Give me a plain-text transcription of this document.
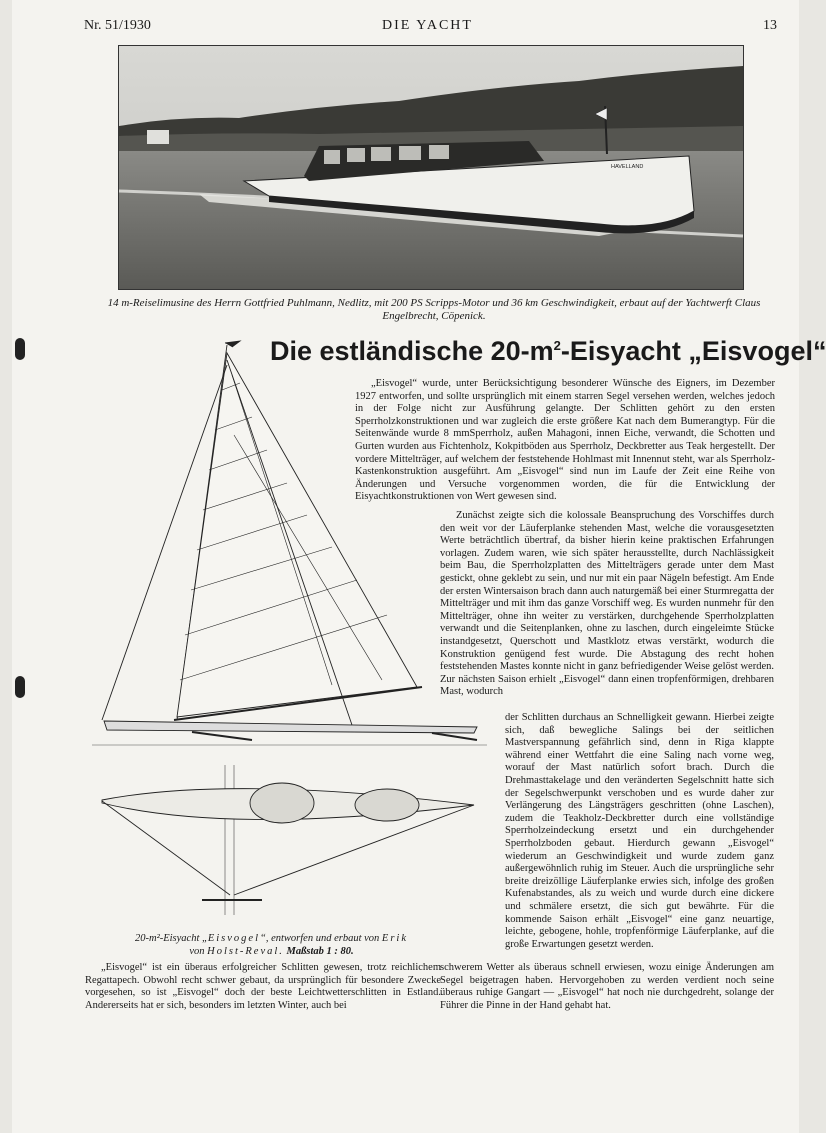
Nr. 51/1930	DIE YACHT	13
HAVELLAND
14 m-Reiselimusine des Herrn Gottfried Puhlmann, Nedlitz, mit 200 PS Scripps-Motor und 36 km Geschwindigkeit, erbaut auf der Yachtwerft Claus Engelbrecht, Cöpenick.
Die estländische $20-m^2$-Eisyacht „Eisvogel“

„Eisvogel“ wurde, unter Berücksichtigung besonderer Wünsche des Eigners, im Dezember 1927 entworfen, und sollte ursprünglich mit einem starren Segel versehen werden, welches jedoch in der Folge nicht zur Ausführung gelangte. Der Schlitten gehört zu den ersten Sperrholzkonstruktionen und war zugleich die erste größere Kat nach dem Bumerangtyp. Für die Seitenwände wurde 8 mmSperrholz, außen Mahagoni, innen Eiche, verwandt, die Schotten und Gurten wurden aus Fichtenholz, Kokpitböden aus Sperrholz, Deckbretter aus Teak hergestellt. Der vordere Mittelträger, auf welchem der feststehende Hohlmast mit Innennut steht, war als Sperrholz-Kastenkonstruktion ausgeführt. Am „Eisvogel“ sind nun im Laufe der Zeit eine Reihe von Änderungen und Versuche vorgenommen worden, die für die Entwicklung der Eisyachtkonstruktionen von Wert gewesen sind.

Zunächst zeigte sich die kolossale Beanspruchung des Vorschiffes durch den weit vor der Läuferplanke stehenden Mast, welche die vorausgesetzten Werte beträchtlich übertraf, da bisher hierin keine praktischen Erfahrungen vorlagen. Zudem waren, wie sich später herausstellte, durch Nachlässigkeit beim Bau, die Sperrholzplatten des Mittelträgers gerade unter dem Mast gestickt, ohne geklebt zu sein, und nur mit ein paar Nägeln befestigt. Am Ende der ersten Wintersaison brach dann auch naturgemäß bei einer Sturmregatta der Mittelträger und mit ihm das ganze Vorschiff weg. Es wurden nunmehr für den Mittelträger, ohne ihn weiter zu verstärken, durchgehende Sperrholzplatten verwandt und die Seitenplanken, ohne zu laschen, durch eingeleimte Stücke instandgesetzt, Querschott und Mastklotz etwas verstärkt, wodurch die Konstruktion genügend fest wurde. Die Abstagung des recht hohen feststehenden Mastes konnte nicht in ganz befriedigender Weise gelöst werden. Zur nächsten Saison erhielt „Eisvogel“ dann einen tropfenförmigen, drehbaren Mast, wodurch

der Schlitten durchaus an Schnelligkeit gewann. Hierbei zeigte sich, daß bewegliche Salings bei der seitlichen Mastverspannung gefährlich sind, denn in Riga klappte während einer Wettfahrt die eine Saling nach vorne weg, worauf der Mast natürlich sofort brach. Durch die Drehmasttakelage und den veränderten Segelschnitt hatte sich der Segelschwerpunkt verschoben und es wurde daher zur Verlängerung des Längsträgers geschritten (ohne Laschen), zudem die Teakholz-Deckbretter durch eine vollständige Sperrholzeindeckung ersetzt und ein durchgehender Sperrholzboden gebaut. Hierdurch gewann „Eisvogel“ wiederum an Geschwindigkeit und wurde zudem ganz außergewöhnlich ruhig im Steuer. Auch die ursprüngliche sehr breite dreizöllige Läuferplanke erwies sich, infolge des großen Kufenabstandes, als zu weich und wurde durch eine dickere und schmälere ersetzt, die sich gut bewährte. Für die kommende Saison erhält „Eisvogel“ eine ganz neuartige, leichte, gebogene, hohle, tropfenförmige Läuferplanke, auf die große Erwartungen gesetzt werden.

20-m²-Eisyacht „Eisvogel“, entworfen und erbaut von Erik
von Holst-Reval. Maßstab 1 : 80.

„Eisvogel“ ist ein überaus erfolgreicher Schlitten gewesen, trotz reichlichem Regattapech. Obwohl recht schwer gebaut, da ursprünglich für besondere Zwecke vorgesehen, so ist „Eisvogel“ doch der beste Leichtwetterschlitten in Estland. Andererseits hat er sich, besonders im letzten Winter, auch bei

schwerem Wetter als überaus schnell erwiesen, wozu einige Änderungen am Segel beigetragen haben. Hervorgehoben zu werden verdient noch seine überaus ruhige Gangart — „Eisvogel“ hat noch nie durchgedreht, solange der Führer die Pinne in der Hand gehabt hat.
